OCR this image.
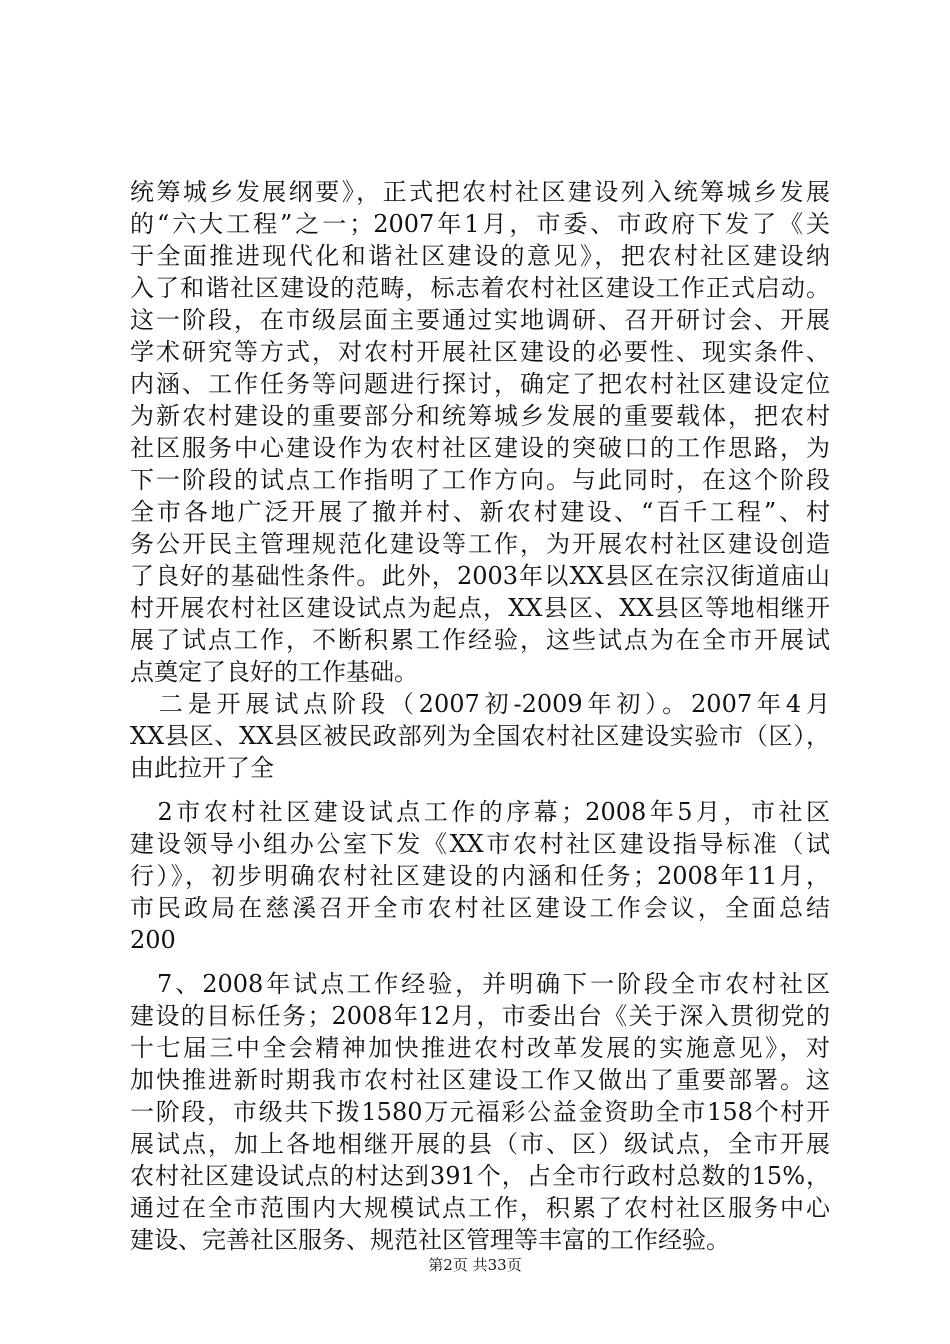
统筹城乡发展纲要》，正式把农村社区建设列入统筹城乡发展
的“六大工程”之一；2007年1月，市委、市政府下发了《关
于全面推进现代化和谐社区建设的意见》，把农村社区建设纳
入了和谐社区建设的范畴，标志着农村社区建设工作正式启动。
这一阶段，在市级层面主要通过实地调研、召开研讨会、开展
学术研究等方式，对农村开展社区建设的必要性、现实条件、
内涵、工作任务等问题进行探讨，确定了把农村社区建设定位
为新农村建设的重要部分和统筹城乡发展的重要载体，把农村
社区服务中心建设作为农村社区建设的突破口的工作思路，为
下一阶段的试点工作指明了工作方向。与此同时，在这个阶段
全市各地广泛开展了撤并村、新农村建设、“百千工程”、村
务公开民主管理规范化建设等工作，为开展农村社区建设创造
了良好的基础性条件。此外，2003年以XX县区在宗汉街道庙山
村开展农村社区建设试点为起点，XX县区、XX县区等地相继开
展了试点工作，不断积累工作经验，这些试点为在全市开展试
点奠定了良好的工作基础。
　二是开展试点阶段（2007初-2009年初）。2007年4月
XX县区、XX县区被民政部列为全国农村社区建设实验市（区），
由此拉开了全
　2市农村社区建设试点工作的序幕；2008年5月，市社区
建设领导小组办公室下发《XX市农村社区建设指导标准（试
行）》，初步明确农村社区建设的内涵和任务；2008年11月，
市民政局在慈溪召开全市农村社区建设工作会议，全面总结
200
　7、2008年试点工作经验，并明确下一阶段全市农村社区
建设的目标任务；2008年12月，市委出台《关于深入贯彻党的
十七届三中全会精神加快推进农村改革发展的实施意见》，对
加快推进新时期我市农村社区建设工作又做出了重要部署。这
一阶段，市级共下拨1580万元福彩公益金资助全市158个村开
展试点，加上各地相继开展的县（市、区）级试点，全市开展
农村社区建设试点的村达到391个，占全市行政村总数的15%，
通过在全市范围内大规模试点工作，积累了农村社区服务中心
建设、完善社区服务、规范社区管理等丰富的工作经验。
第2页 共33页
